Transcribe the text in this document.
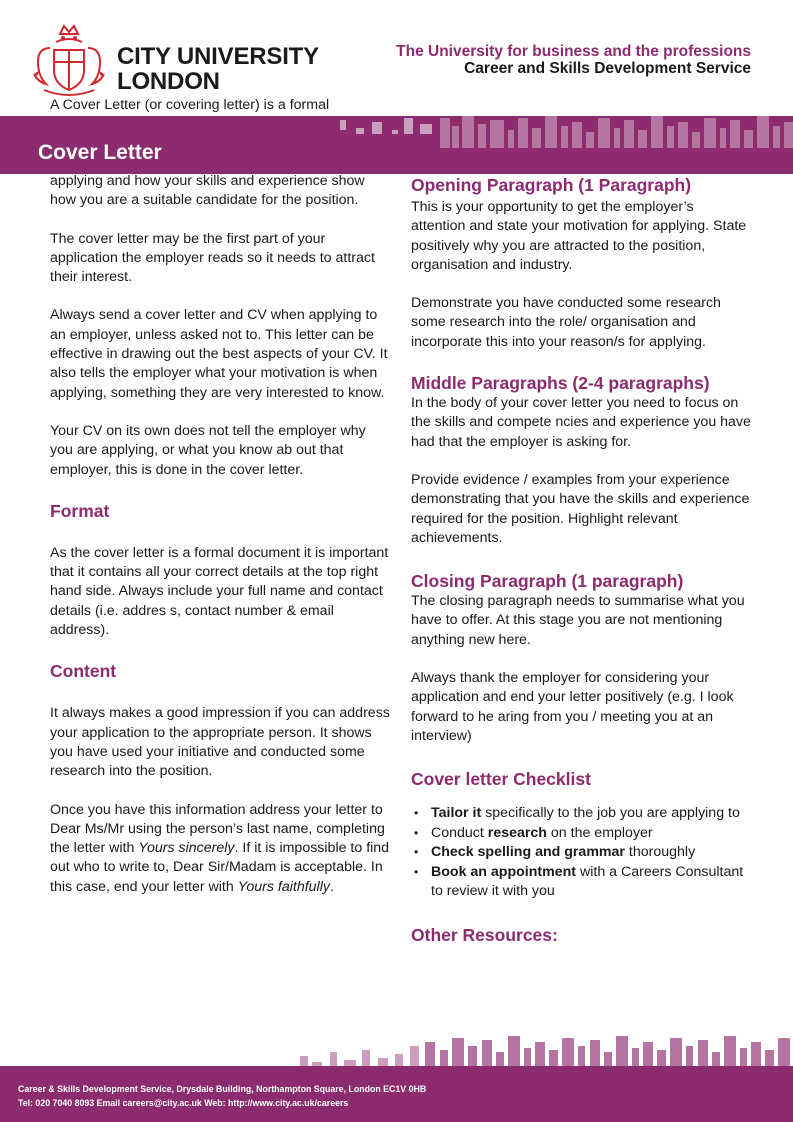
CITY UNIVERSITY
LONDON
The University for business and the professions
Career and Skills Development Service
A Cover Letter (or covering letter) is a formal
Cover Letter

applying and how your skills and experience show how you are a suitable candidate for the position.

The cover letter may be the first part of your application the employer reads so it needs to attract their interest.

Always send a cover letter and CV when applying to an employer, unless asked not to. This letter can be effective in drawing out the best aspects of your CV. It also tells the employer what your motivation is when applying, something they are very interested to know.

Your CV on its own does not tell the employer why you are applying, or what you know ab out that employer, this is done in the cover letter.

Format

As the cover letter is a formal document it is important that it contains all your correct details at the top right hand side. Always include your full name and contact details (i.e. addres s, contact number & email address).

Content

It always makes a good impression if you can address your application to the appropriate person. It shows you have used your initiative and conducted some research into the position.

Once you have this information address your letter to Dear Ms/Mr using the person’s last name, completing the letter with Yours sincerely. If it is impossible to find out who to write to, Dear Sir/Madam is acceptable. In this case, end your letter with Yours faithfully.

Opening Paragraph (1 Paragraph)

This is your opportunity to get the employer’s attention and state your motivation for applying. State positively why you are attracted to the position, organisation and industry.

Demonstrate you have conducted some research some research into the role/ organisation and incorporate this into your reason/s for applying.

Middle Paragraphs (2-4 paragraphs)

In the body of your cover letter you need to focus on the skills and compete ncies and experience you have had that the employer is asking for.

Provide evidence / examples from your experience demonstrating that you have the skills and experience required for the position. Highlight relevant achievements.

Closing Paragraph (1 paragraph)

The closing paragraph needs to summarise what you have to offer. At this stage you are not mentioning anything new here.

Always thank the employer for considering your application and end your letter positively (e.g. I look forward to he aring from you / meeting you at an interview)

Cover letter Checklist
• Tailor it specifically to the job you are applying to
• Conduct research on the employer
• Check spelling and grammar thoroughly
• Book an appointment with a Careers Consultant to review it with you
Other Resources:
Career & Skills Development Service, Drysdale Building, Northampton Square, London EC1V 0HB
Tel: 020 7040 8093 Email careers@city.ac.uk Web: http://www.city.ac.uk/careers
